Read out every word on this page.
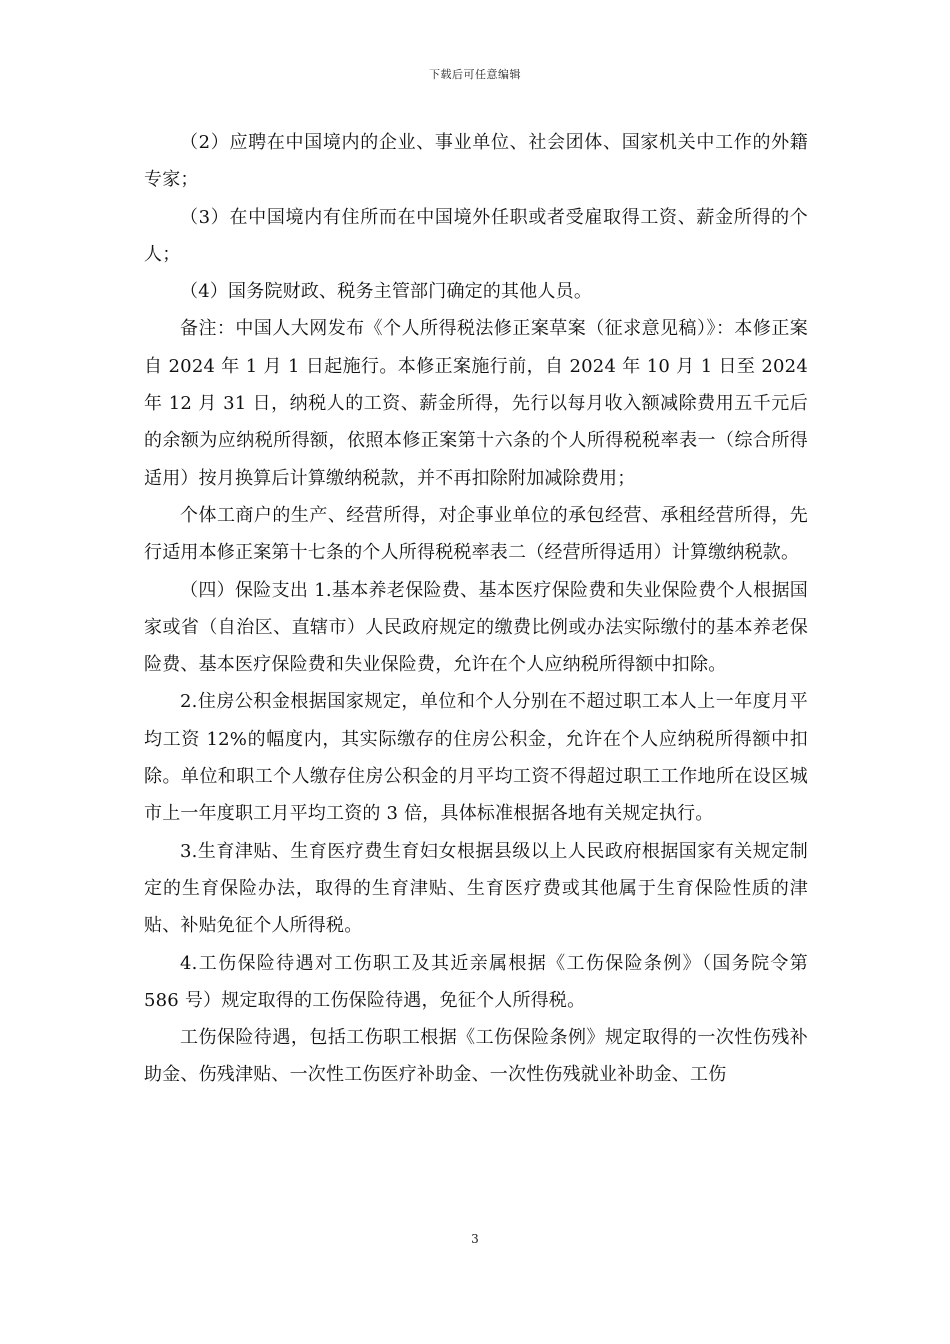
下载后可任意编辑

（2）应聘在中国境内的企业、事业单位、社会团体、国家机关中工作的外籍专家；

（3）在中国境内有住所而在中国境外任职或者受雇取得工资、薪金所得的个人；

（4）国务院财政、税务主管部门确定的其他人员。

备注：中国人大网发布《个人所得税法修正案草案（征求意见稿）》：本修正案自 2024 年 1 月 1 日起施行。本修正案施行前，自 2024 年 10 月 1 日至 2024 年 12 月 31 日，纳税人的工资、薪金所得，先行以每月收入额减除费用五千元后的余额为应纳税所得额，依照本修正案第十六条的个人所得税税率表一（综合所得适用）按月换算后计算缴纳税款，并不再扣除附加减除费用；

个体工商户的生产、经营所得，对企事业单位的承包经营、承租经营所得，先行适用本修正案第十七条的个人所得税税率表二（经营所得适用）计算缴纳税款。

（四）保险支出 1.基本养老保险费、基本医疗保险费和失业保险费个人根据国家或省（自治区、直辖市）人民政府规定的缴费比例或办法实际缴付的基本养老保险费、基本医疗保险费和失业保险费，允许在个人应纳税所得额中扣除。

2.住房公积金根据国家规定，单位和个人分别在不超过职工本人上一年度月平均工资 12%的幅度内，其实际缴存的住房公积金，允许在个人应纳税所得额中扣除。单位和职工个人缴存住房公积金的月平均工资不得超过职工工作地所在设区城市上一年度职工月平均工资的 3 倍，具体标准根据各地有关规定执行。

3.生育津贴、生育医疗费生育妇女根据县级以上人民政府根据国家有关规定制定的生育保险办法，取得的生育津贴、生育医疗费或其他属于生育保险性质的津贴、补贴免征个人所得税。

4.工伤保险待遇对工伤职工及其近亲属根据《工伤保险条例》（国务院令第 586 号）规定取得的工伤保险待遇，免征个人所得税。

工伤保险待遇，包括工伤职工根据《工伤保险条例》规定取得的一次性伤残补助金、伤残津贴、一次性工伤医疗补助金、一次性伤残就业补助金、工伤

3
